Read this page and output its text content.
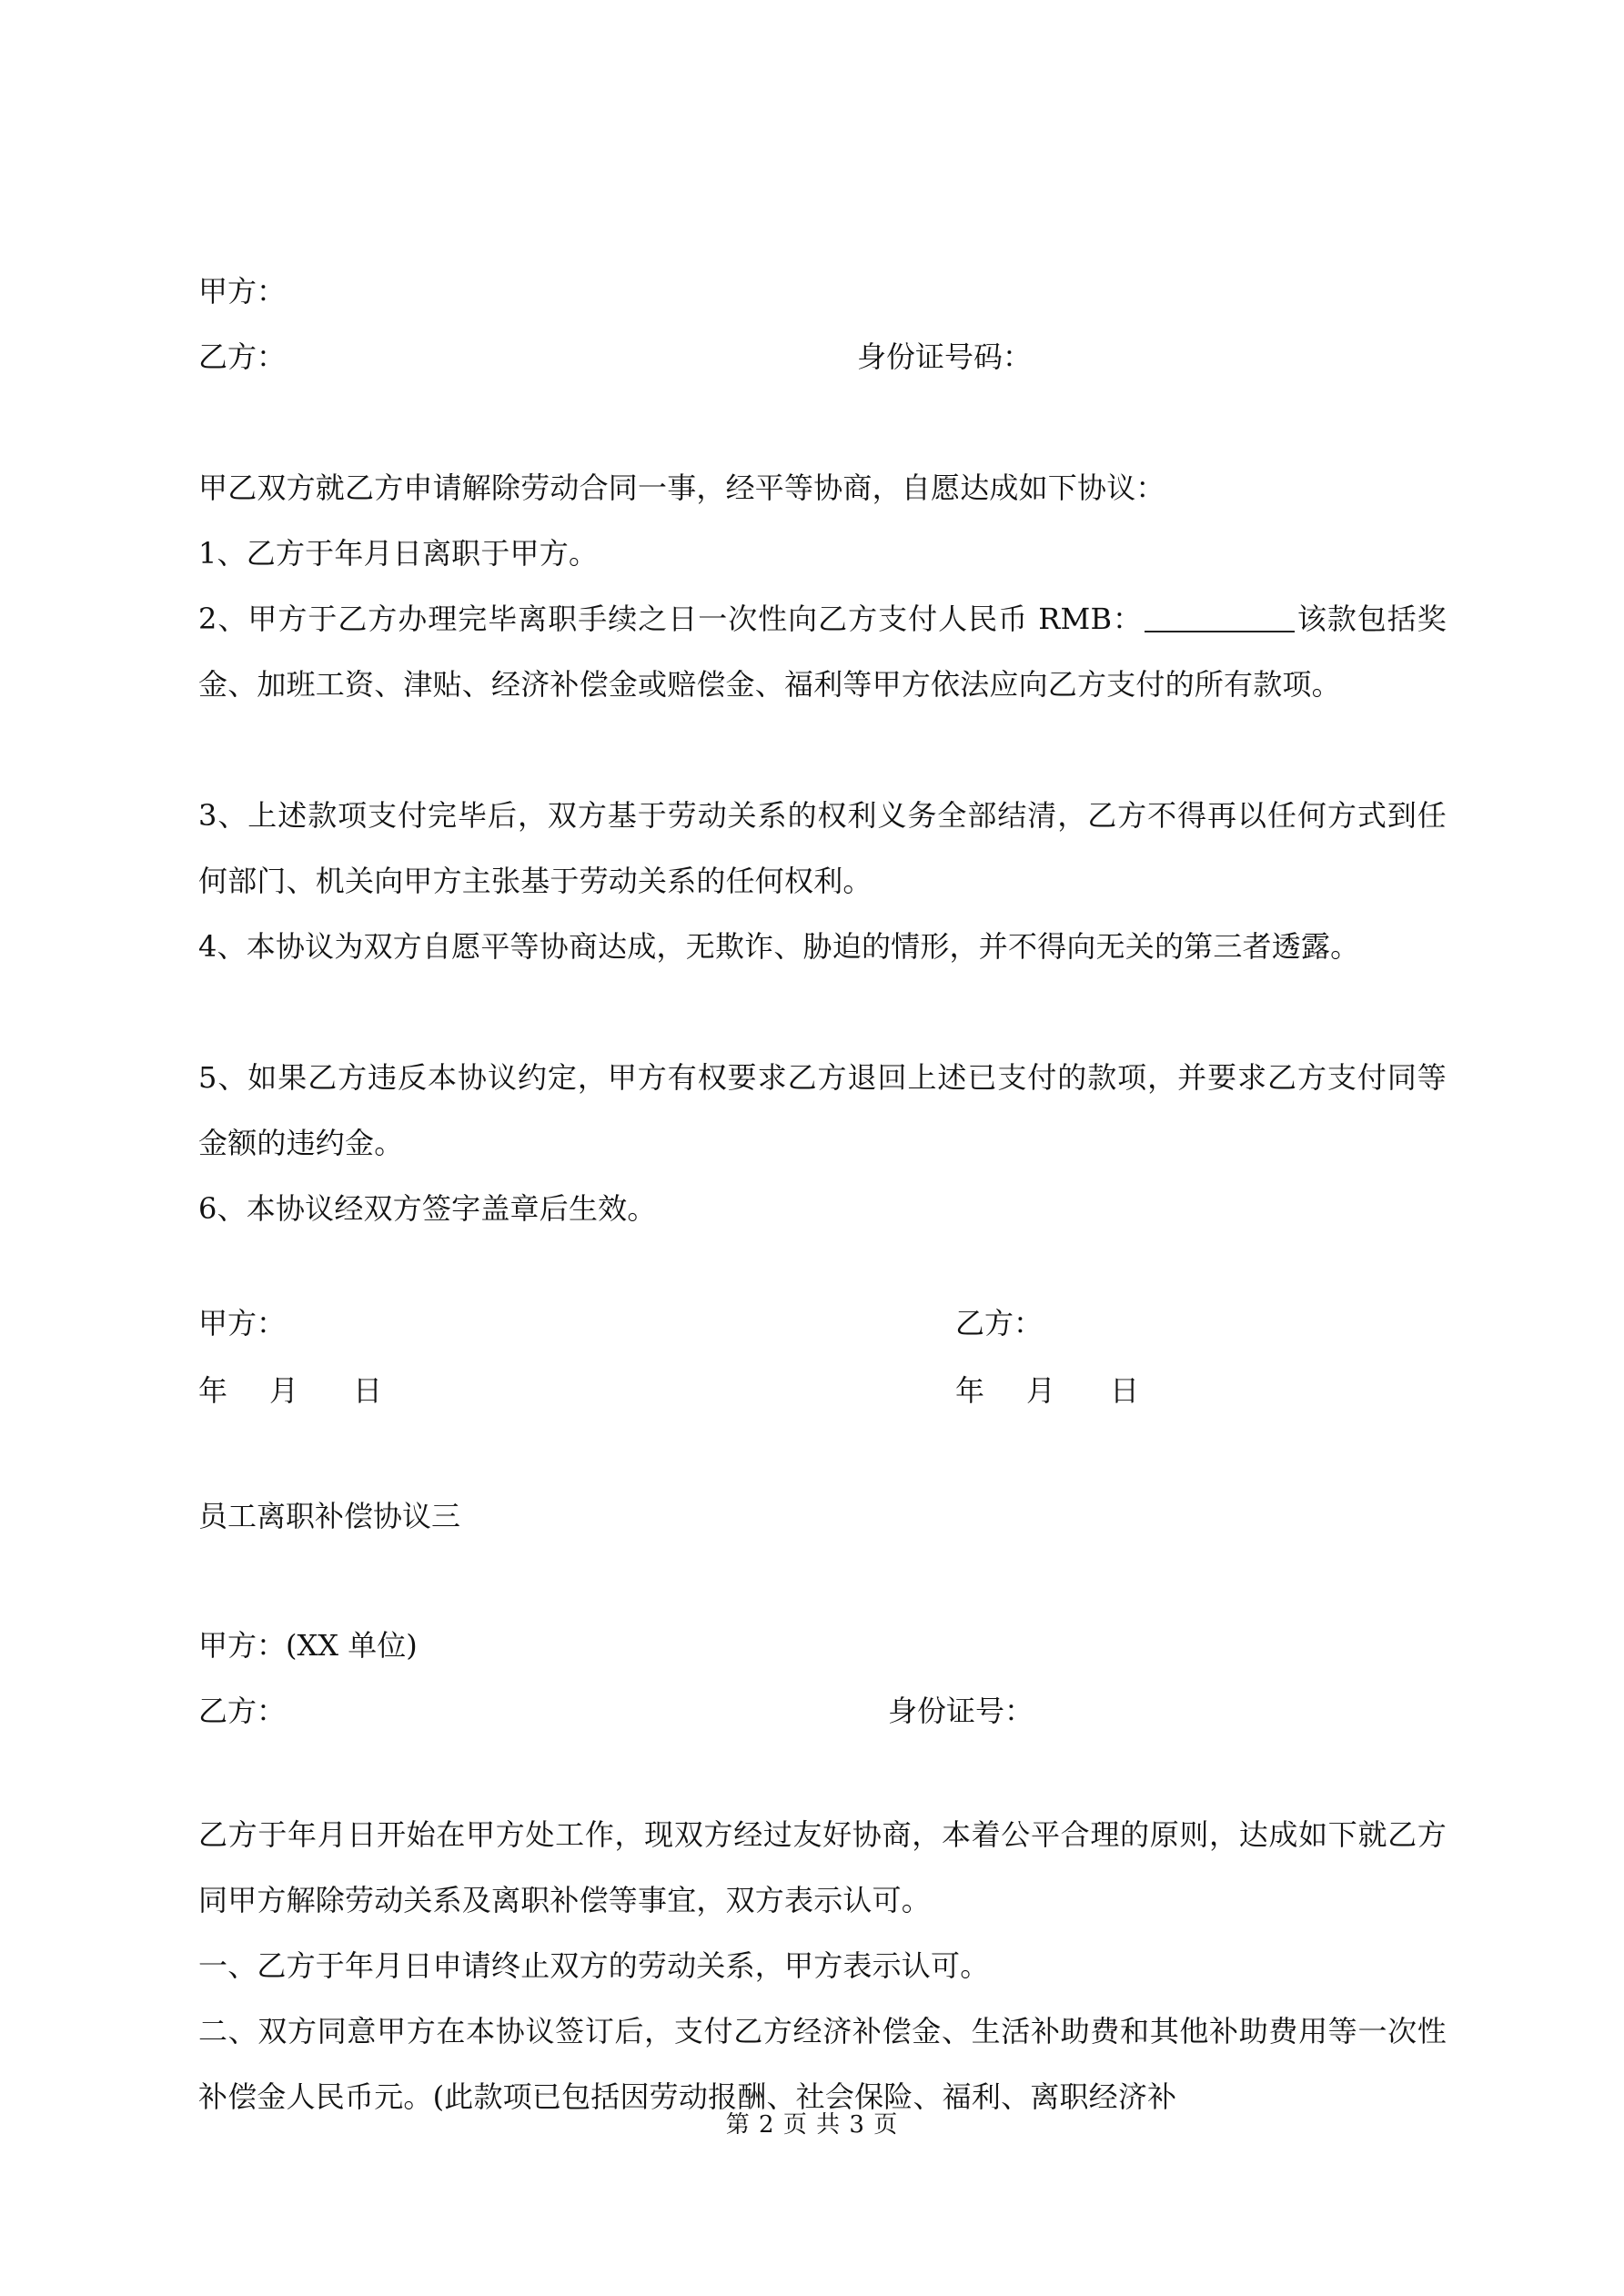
甲方：
乙方：	身份证号码：
甲乙双方就乙方申请解除劳动合同一事，经平等协商，自愿达成如下协议：
1、乙方于年月日离职于甲方。
2、甲方于乙方办理完毕离职手续之日一次性向乙方支付人民币 RMB：	该款包括奖金、加班工资、津贴、经济补偿金或赔偿金、福利等甲方依法应向乙方支付的所有款项。
3、上述款项支付完毕后，双方基于劳动关系的权利义务全部结清，乙方不得再以任何方式到任何部门、机关向甲方主张基于劳动关系的任何权利。
4、本协议为双方自愿平等协商达成，无欺诈、胁迫的情形，并不得向无关的第三者透露。
5、如果乙方违反本协议约定，甲方有权要求乙方退回上述已支付的款项，并要求乙方支付同等金额的违约金。
6、本协议经双方签字盖章后生效。
甲方：	乙方：
年 月 日	年 月 日
员工离职补偿协议三
甲方：(XX 单位)
乙方：	身份证号：
乙方于年月日开始在甲方处工作，现双方经过友好协商，本着公平合理的原则，达成如下就乙方同甲方解除劳动关系及离职补偿等事宜，双方表示认可。
一、乙方于年月日申请终止双方的劳动关系，甲方表示认可。
二、双方同意甲方在本协议签订后，支付乙方经济补偿金、生活补助费和其他补助费用等一次性补偿金人民币元。(此款项已包括因劳动报酬、社会保险、福利、离职经济补
第 2 页 共 3 页
